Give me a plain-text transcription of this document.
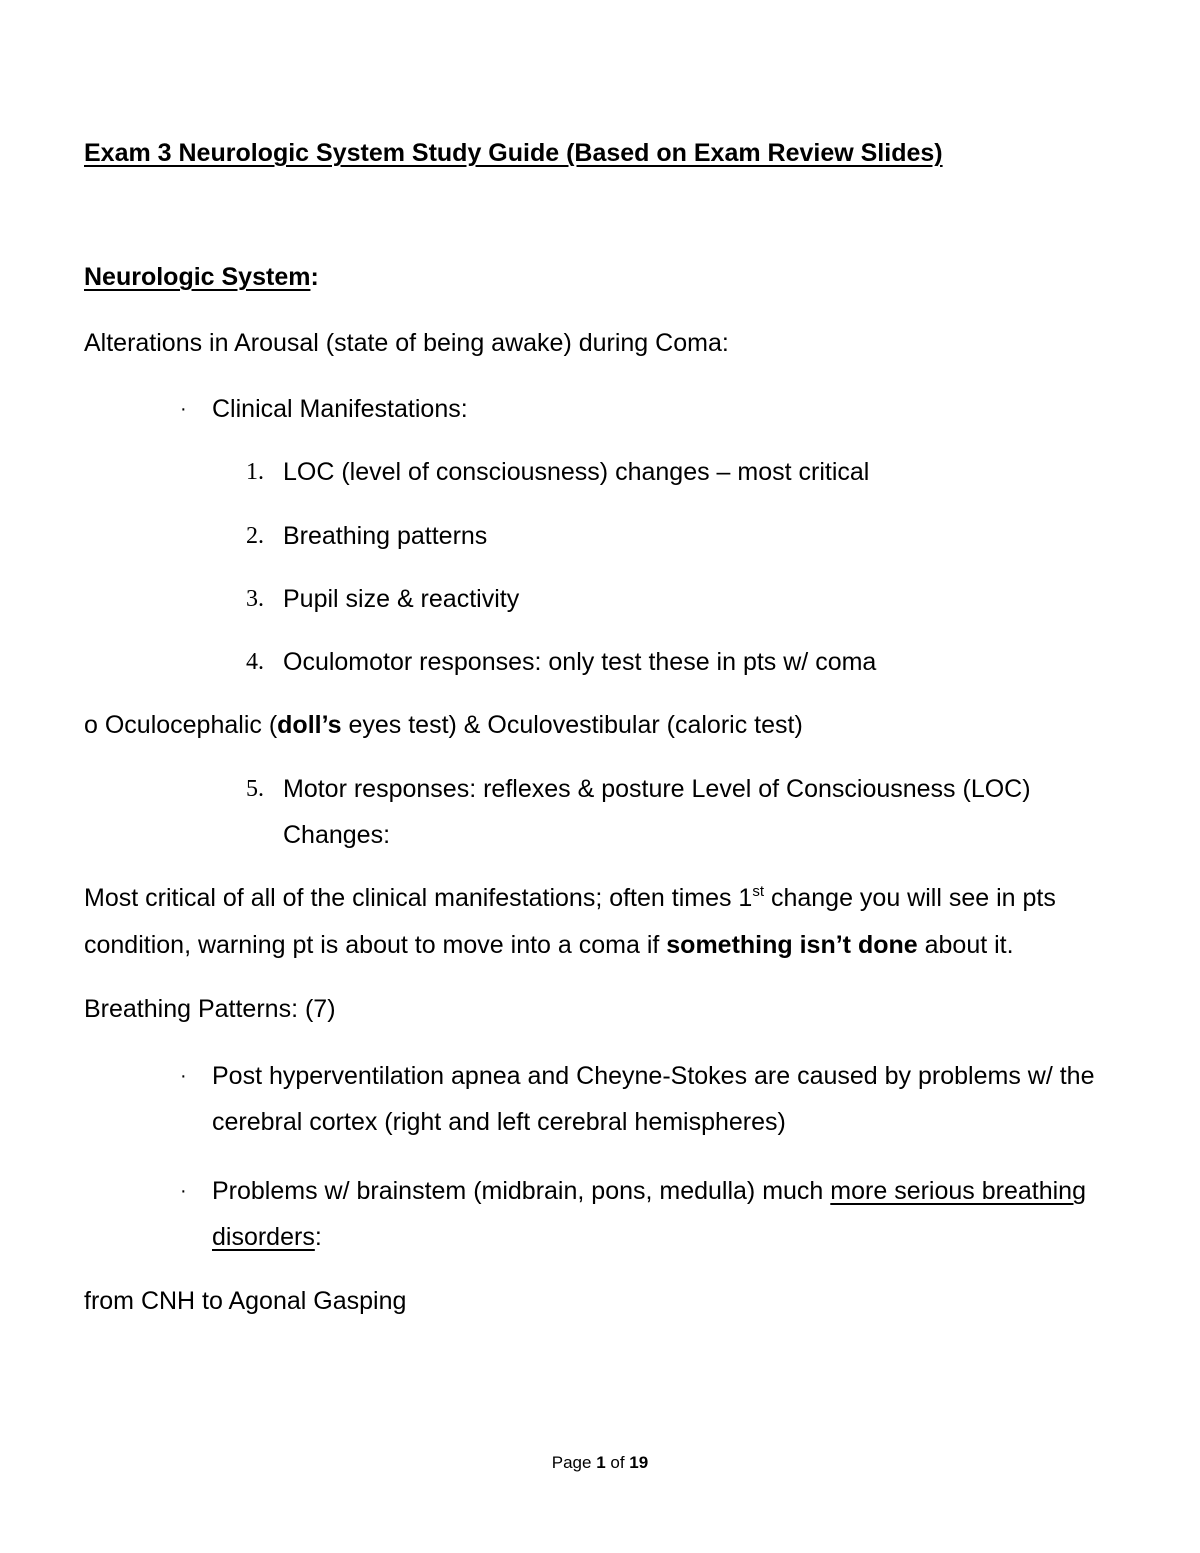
Exam 3 Neurologic System Study Guide (Based on Exam Review Slides)
Neurologic System:
Alterations in Arousal (state of being awake) during Coma:
· Clinical Manifestations:
1. LOC (level of consciousness) changes – most critical
2. Breathing patterns
3. Pupil size & reactivity
4. Oculomotor responses: only test these in pts w/ coma
o Oculocephalic (doll’s eyes test) & Oculovestibular (caloric test)
5. Motor responses: reflexes & posture Level of Consciousness (LOC)
Changes:
Most critical of all of the clinical manifestations; often times 1st change you will see in pts
condition, warning pt is about to move into a coma if something isn’t done about it.
Breathing Patterns: (7)
· Post hyperventilation apnea and Cheyne-Stokes are caused by problems w/ the
cerebral cortex (right and left cerebral hemispheres)
· Problems w/ brainstem (midbrain, pons, medulla) much more serious breathing
disorders:
from CNH to Agonal Gasping
Page 1 of 19
